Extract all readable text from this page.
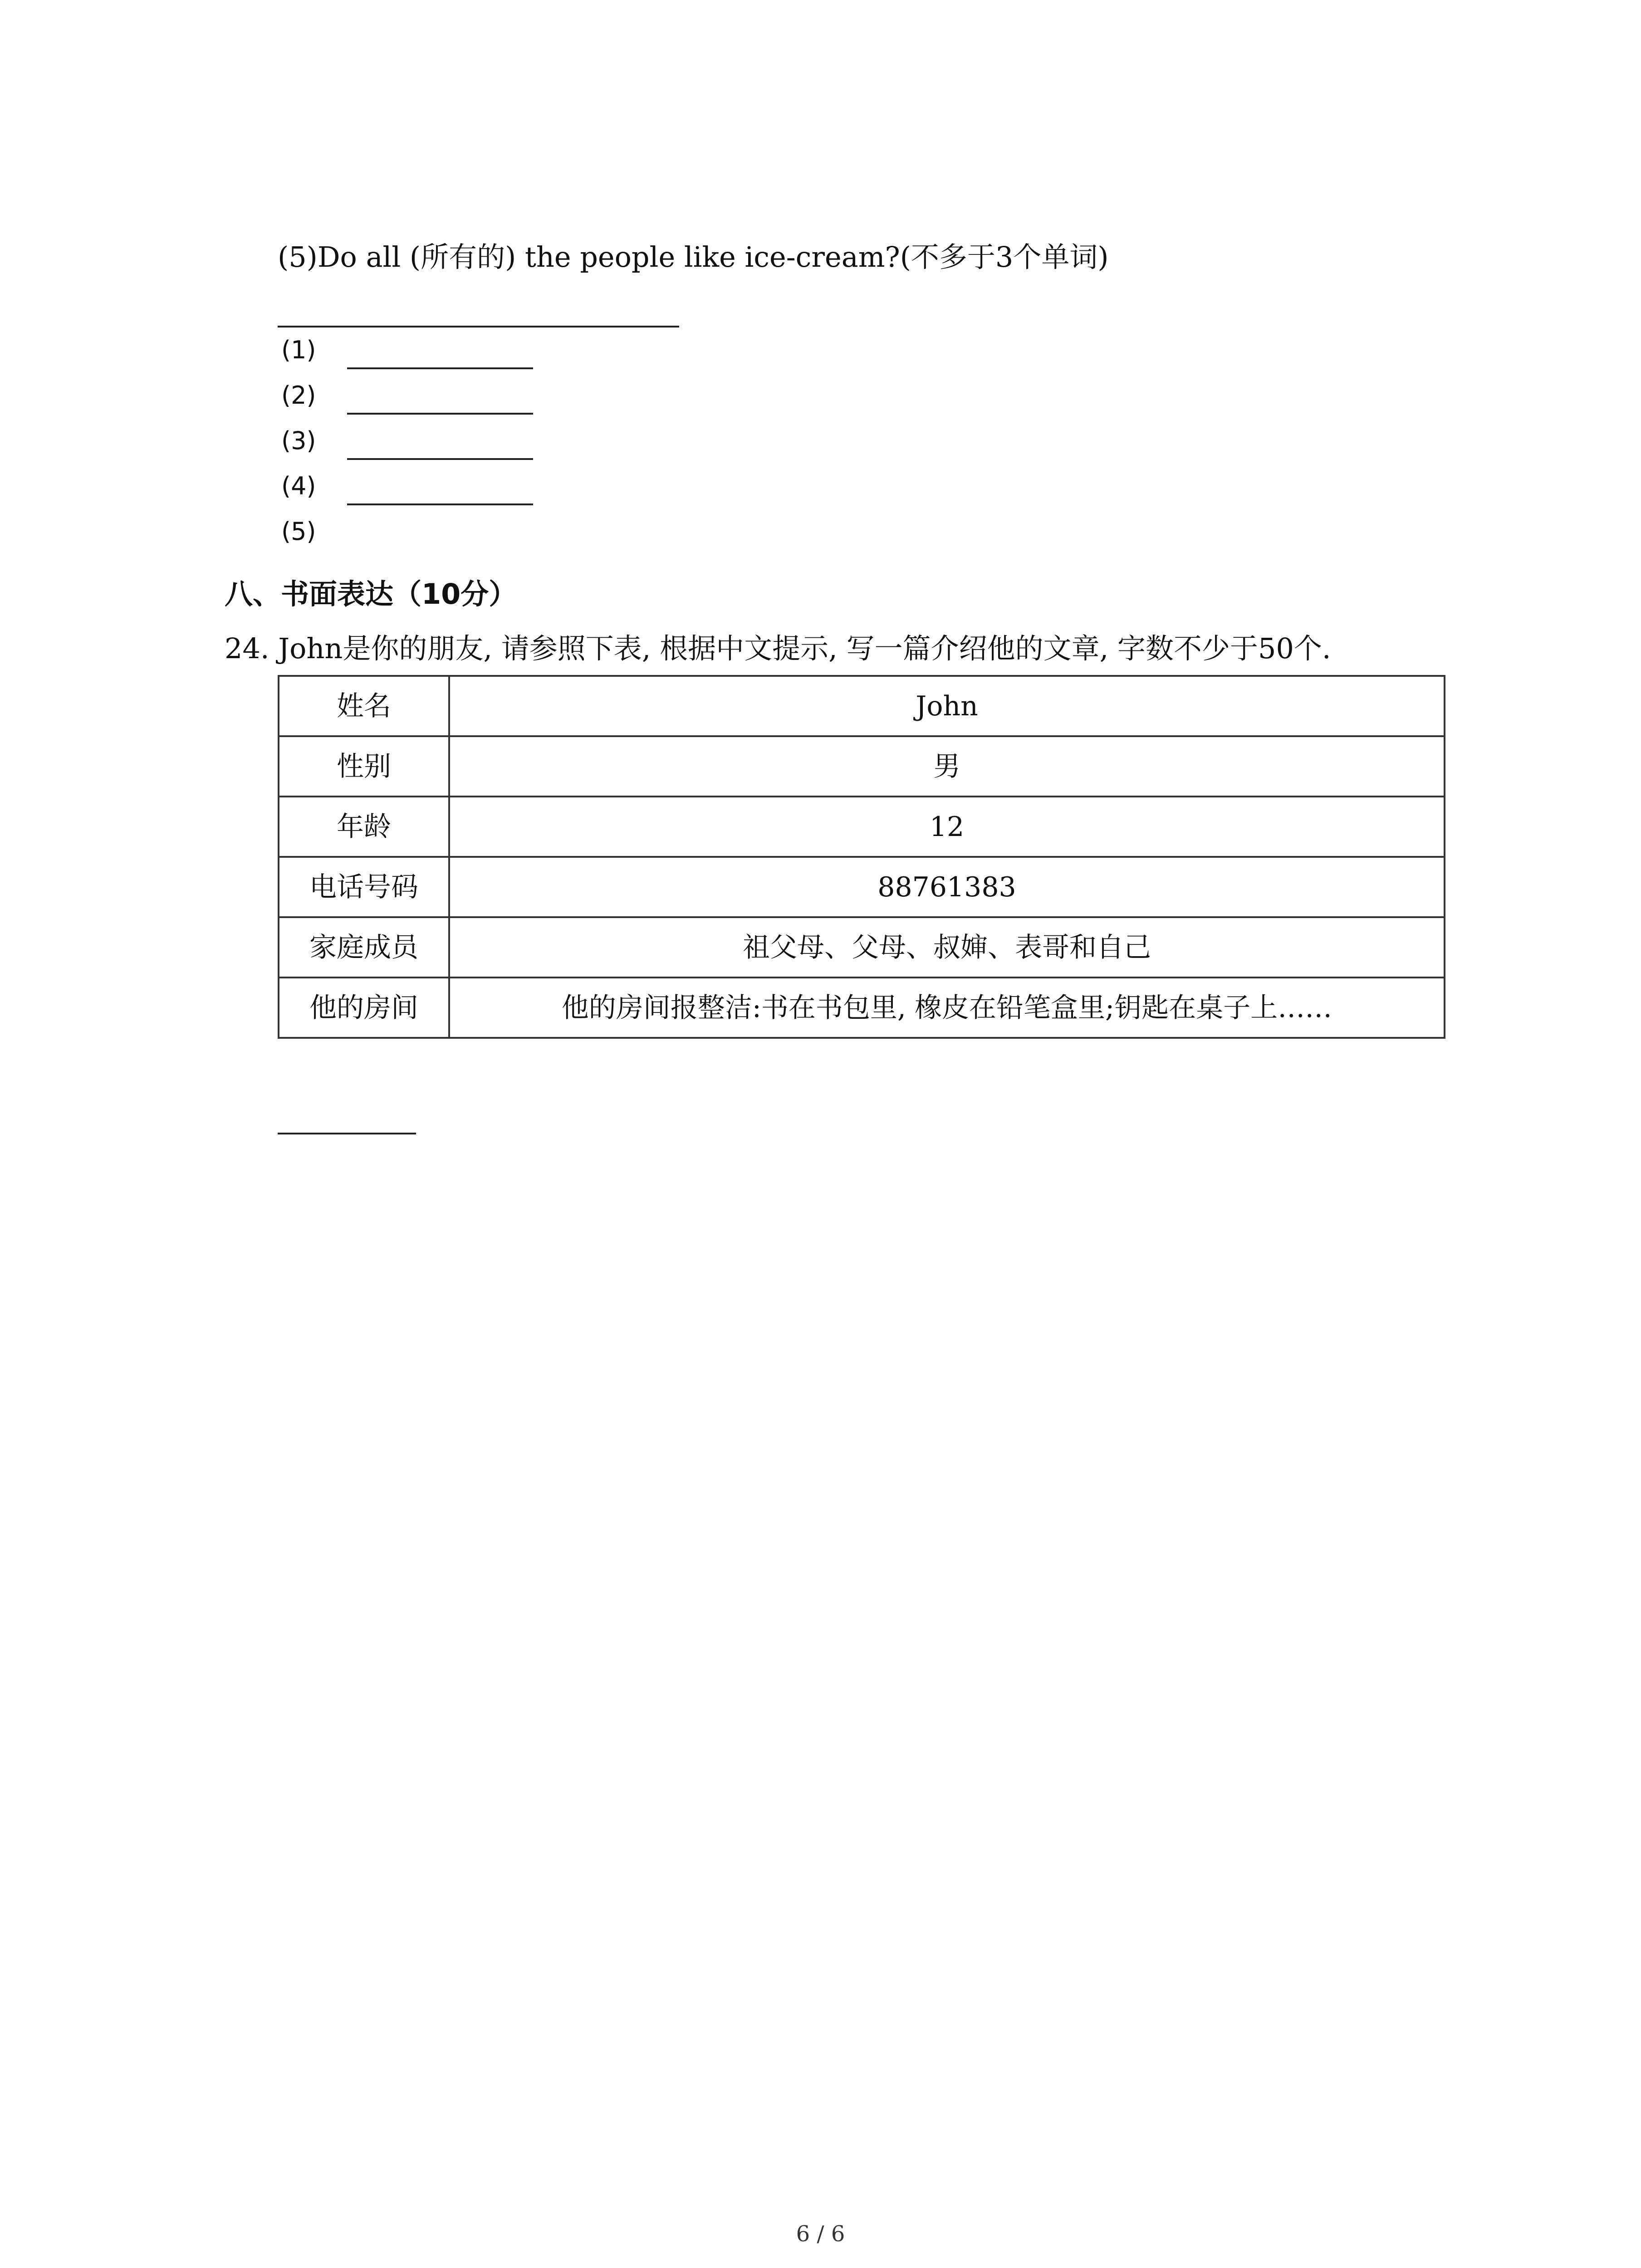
(5)Do all (所有的) the people like ice-cream?(不多于3个单词)
(1)
(2)
(3)
(4)
(5)
八、书面表达（10分）
24. John是你的朋友, 请参照下表, 根据中文提示, 写一篇介绍他的文章, 字数不少于50个.
姓名	John
性别	男
年龄	12
电话号码	88761383
家庭成员	祖父母、父母、叔婶、表哥和自己
他的房间	他的房间报整洁:书在书包里, 橡皮在铅笔盒里;钥匙在桌子上……
6 / 6
